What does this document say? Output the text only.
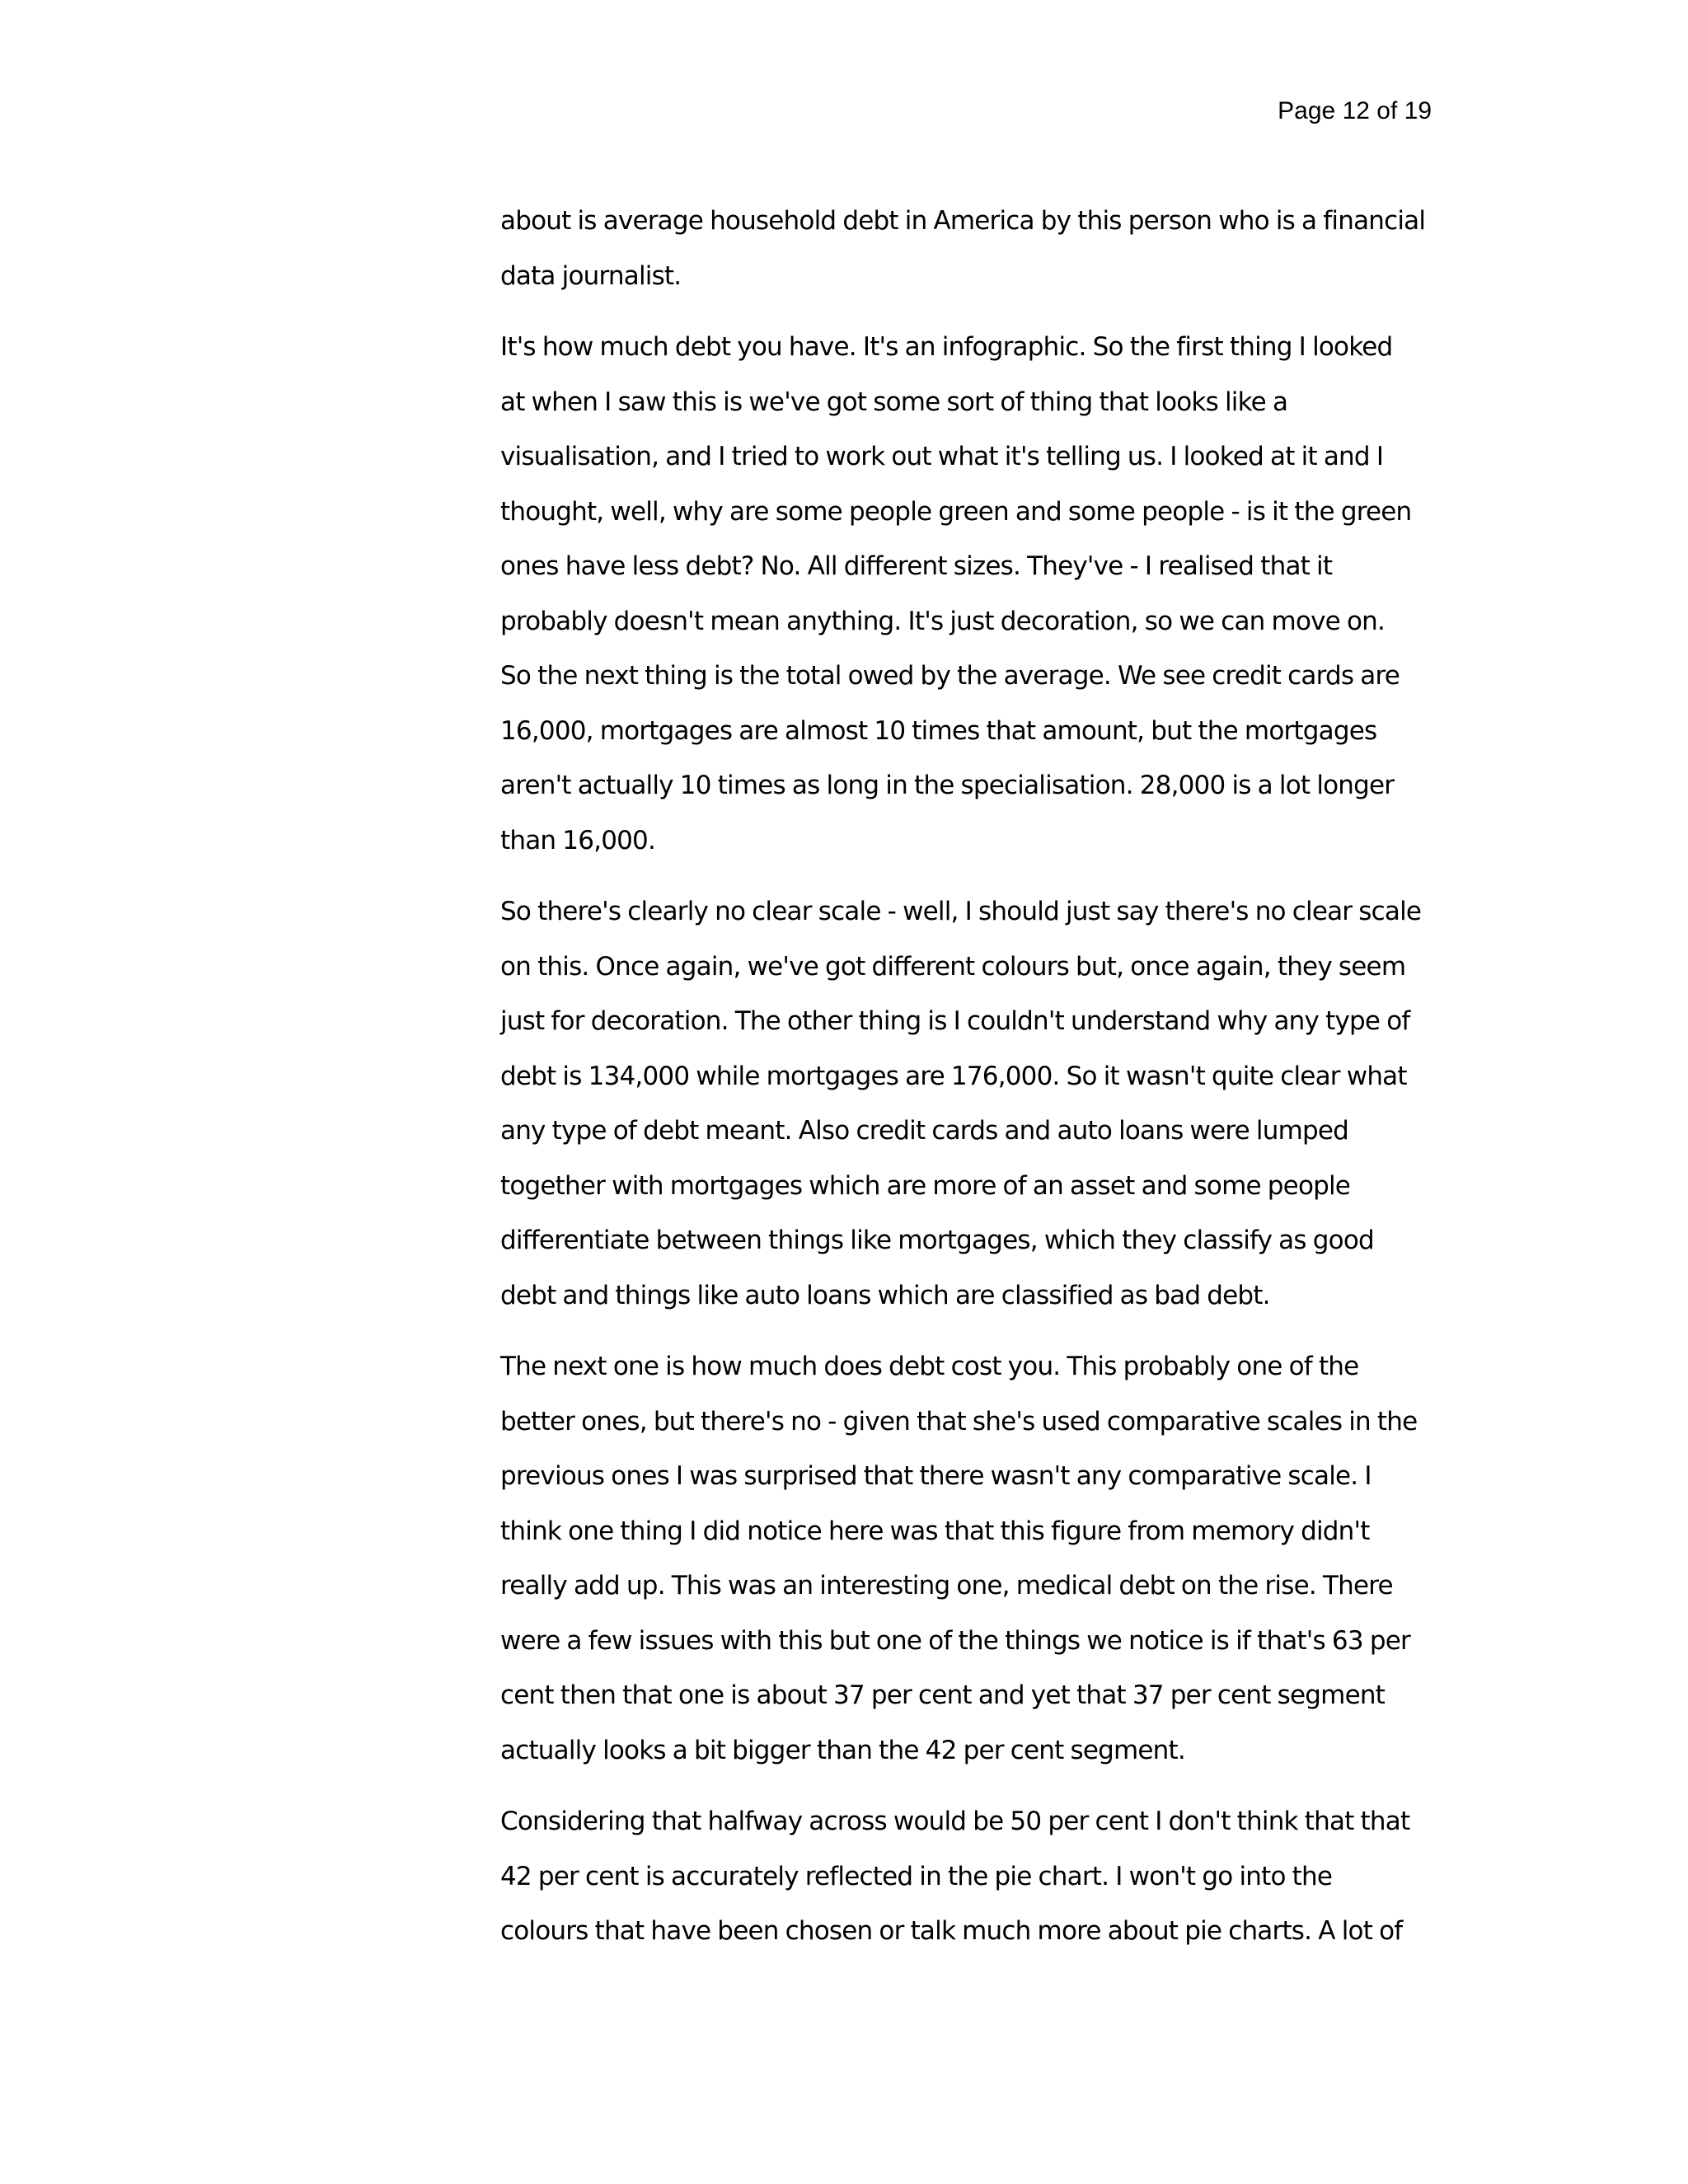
Page 12 of 19

about is average household debt in America by this person who is a financial
data journalist.

It's how much debt you have. It's an infographic. So the first thing I looked
at when I saw this is we've got some sort of thing that looks like a
visualisation, and I tried to work out what it's telling us. I looked at it and I
thought, well, why are some people green and some people - is it the green
ones have less debt? No. All different sizes. They've - I realised that it
probably doesn't mean anything. It's just decoration, so we can move on.
So the next thing is the total owed by the average. We see credit cards are
16,000, mortgages are almost 10 times that amount, but the mortgages
aren't actually 10 times as long in the specialisation. 28,000 is a lot longer
than 16,000.

So there's clearly no clear scale - well, I should just say there's no clear scale
on this. Once again, we've got different colours but, once again, they seem
just for decoration. The other thing is I couldn't understand why any type of
debt is 134,000 while mortgages are 176,000. So it wasn't quite clear what
any type of debt meant. Also credit cards and auto loans were lumped
together with mortgages which are more of an asset and some people
differentiate between things like mortgages, which they classify as good
debt and things like auto loans which are classified as bad debt.

The next one is how much does debt cost you. This probably one of the
better ones, but there's no - given that she's used comparative scales in the
previous ones I was surprised that there wasn't any comparative scale. I
think one thing I did notice here was that this figure from memory didn't
really add up. This was an interesting one, medical debt on the rise. There
were a few issues with this but one of the things we notice is if that's 63 per
cent then that one is about 37 per cent and yet that 37 per cent segment
actually looks a bit bigger than the 42 per cent segment.

Considering that halfway across would be 50 per cent I don't think that that
42 per cent is accurately reflected in the pie chart. I won't go into the
colours that have been chosen or talk much more about pie charts. A lot of
